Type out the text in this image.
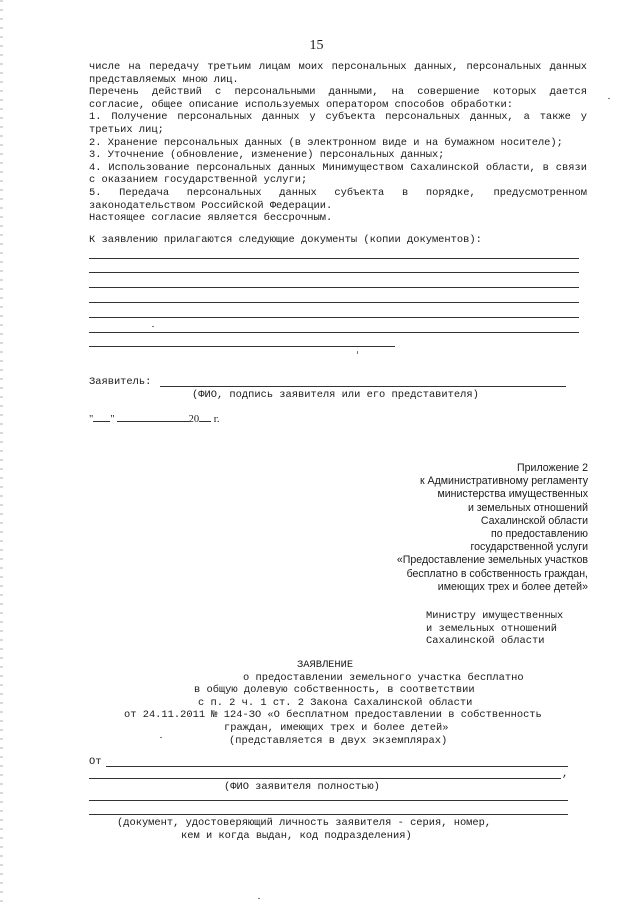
15

числе на передачу третьим лицам моих персональных данных, персональных данных

представляемых мною лиц.

Перечень действий с персональными данными, на совершение которых дается

согласие, общее описание используемых оператором способов обработки:

1. Получение персональных данных у субъекта персональных данных, а также у

третьих лиц;

2. Хранение персональных данных (в электронном виде и на бумажном носителе);

3. Уточнение (обновление, изменение) персональных данных;

4. Использование персональных данных Минимуществом Сахалинской области, в связи

с оказанием государственной услуги;

5. Передача персональных данных субъекта в порядке, предусмотренном

законодательством Российской Федерации.

Настоящее согласие является бессрочным.

К заявлению прилагаются следующие документы (копии документов):
Заявитель:
(ФИО, подпись заявителя или его представителя)
" "	20 г.
Приложение 2
к Административному регламенту
министерства имущественных
и земельных отношений
Сахалинской области
по предоставлению
государственной услуги
«Предоставление земельных участков
бесплатно в собственность граждан,
имеющих трех и более детей»
Министру имущественных
и земельных отношений
Сахалинской области
ЗАЯВЛЕНИЕ
о предоставлении земельного участка бесплатно
в общую долевую собственность, в соответствии
с п. 2 ч. 1 ст. 2 Закона Сахалинской области
от 24.11.2011 № 124-ЗО «О бесплатном предоставлении в собственность
граждан, имеющих трех и более детей»
(представляется в двух экземплярах)
От
,
(ФИО заявителя полностью)
(документ, удостоверяющий личность заявителя - серия, номер,
кем и когда выдан, код подразделения)
